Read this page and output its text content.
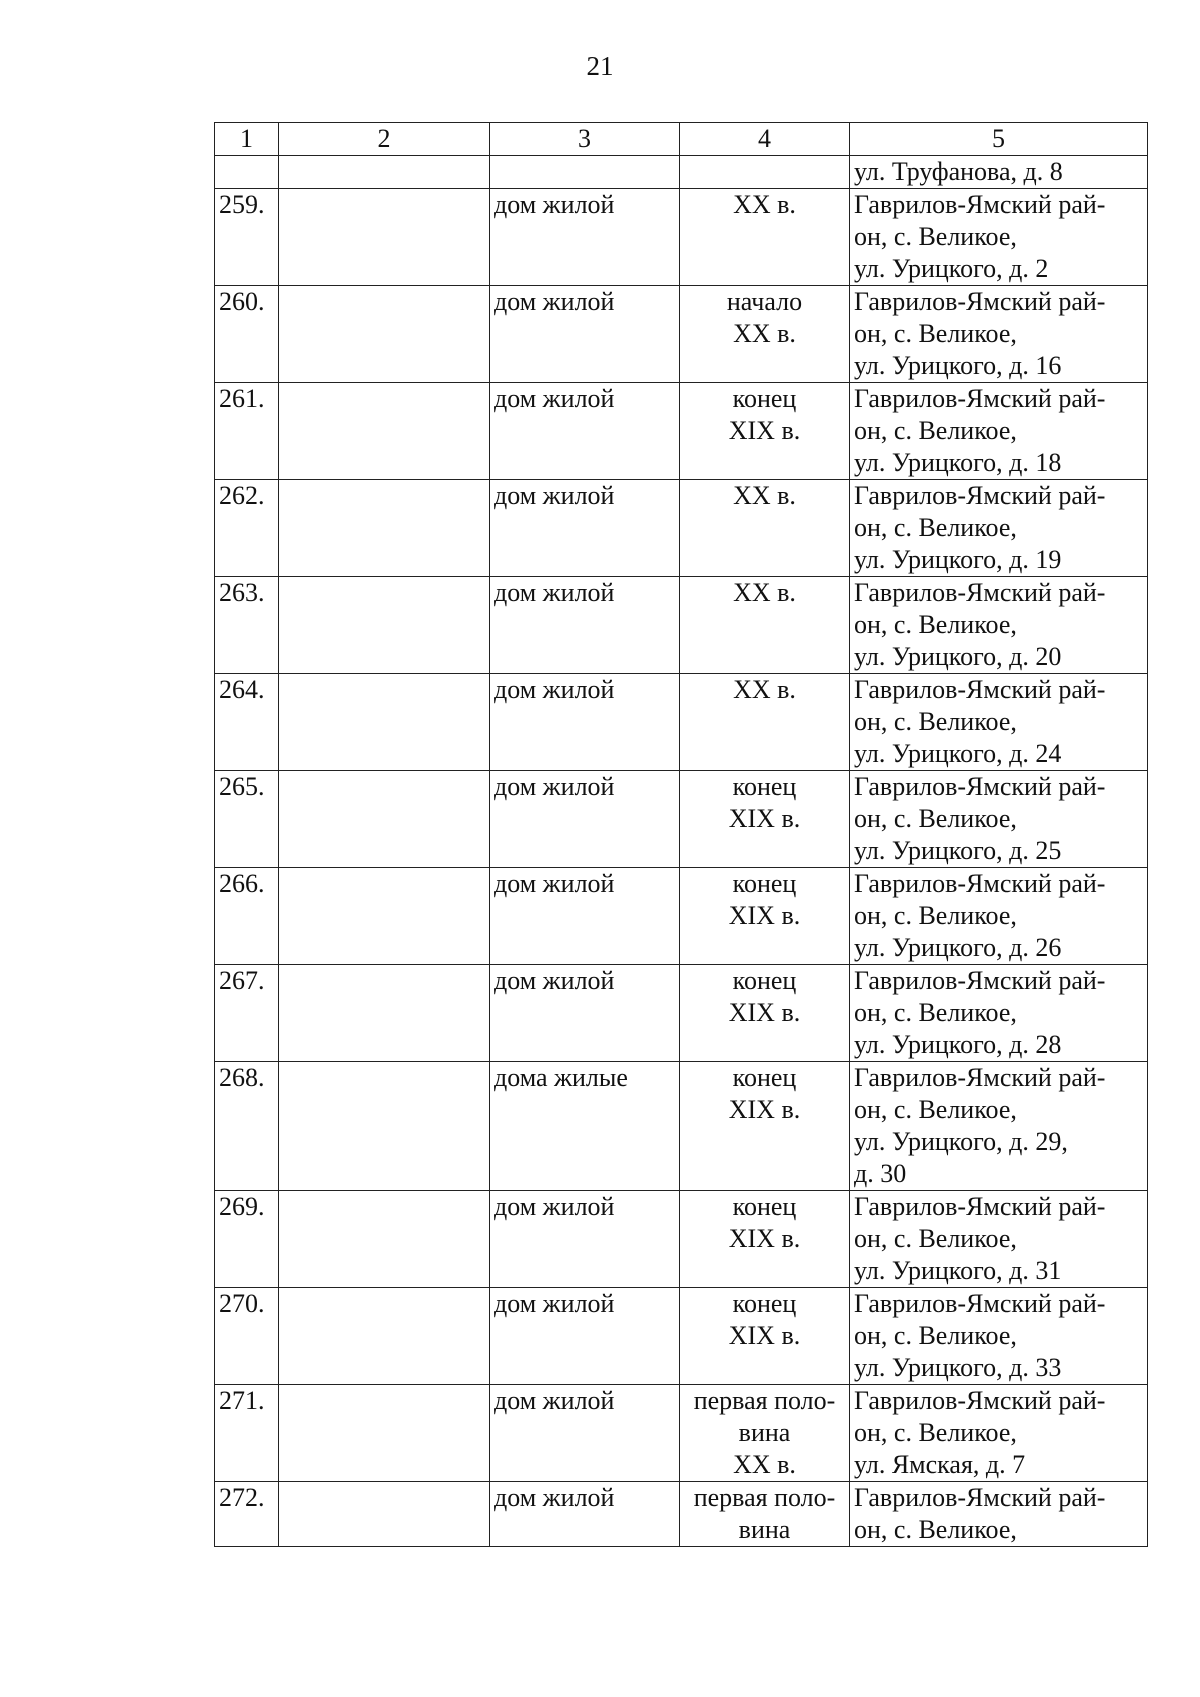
21
1	2	3	4	5

				ул. Труфанова, д. 8

259.		дом жилой	XX в.	Гаврилов-Ямский рай-
он, с. Великое,
ул. Урицкого, д. 2

260.		дом жилой	начало
XX в.	Гаврилов-Ямский рай-
он, с. Великое,
ул. Урицкого, д. 16

261.		дом жилой	конец
XIX в.	Гаврилов-Ямский рай-
он, с. Великое,
ул. Урицкого, д. 18

262.		дом жилой	XX в.	Гаврилов-Ямский рай-
он, с. Великое,
ул. Урицкого, д. 19

263.		дом жилой	XX в.	Гаврилов-Ямский рай-
он, с. Великое,
ул. Урицкого, д. 20

264.		дом жилой	XX в.	Гаврилов-Ямский рай-
он, с. Великое,
ул. Урицкого, д. 24

265.		дом жилой	конец
XIX в.	Гаврилов-Ямский рай-
он, с. Великое,
ул. Урицкого, д. 25

266.		дом жилой	конец
XIX в.	Гаврилов-Ямский рай-
он, с. Великое,
ул. Урицкого, д. 26

267.		дом жилой	конец
XIX в.	Гаврилов-Ямский рай-
он, с. Великое,
ул. Урицкого, д. 28

268.		дома жилые	конец
XIX в.	Гаврилов-Ямский рай-
он, с. Великое,
ул. Урицкого, д. 29,
д. 30

269.		дом жилой	конец
XIX в.	Гаврилов-Ямский рай-
он, с. Великое,
ул. Урицкого, д. 31

270.		дом жилой	конец
XIX в.	Гаврилов-Ямский рай-
он, с. Великое,
ул. Урицкого, д. 33

271.		дом жилой	первая поло-
вина
XX в.	Гаврилов-Ямский рай-
он, с. Великое,
ул. Ямская, д. 7

272.		дом жилой	первая поло-
вина	Гаврилов-Ямский рай-
он, с. Великое,
